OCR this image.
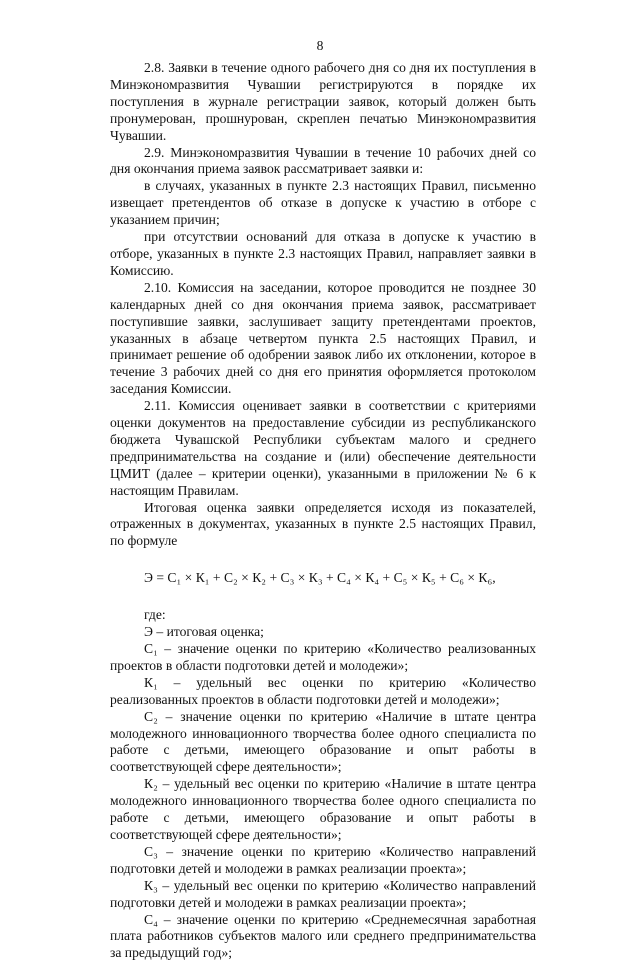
8

2.8. Заявки в течение одного рабочего дня со дня их поступления в Минэкономразвития Чувашии регистрируются в порядке их поступления в журнале регистрации заявок, который должен быть пронумерован, прошнурован, скреплен печатью Минэкономразвития Чувашии.

2.9. Минэкономразвития Чувашии в течение 10 рабочих дней со дня окончания приема заявок рассматривает заявки и:

в случаях, указанных в пункте 2.3 настоящих Правил, письменно извещает претендентов об отказе в допуске к участию в отборе с указанием причин;

при отсутствии оснований для отказа в допуске к участию в отборе, указанных в пункте 2.3 настоящих Правил, направляет заявки в Комиссию.

2.10. Комиссия на заседании, которое проводится не позднее 30 календарных дней со дня окончания приема заявок, рассматривает поступившие заявки, заслушивает защиту претендентами проектов, указанных в абзаце четвертом пункта 2.5 настоящих Правил, и принимает решение об одобрении заявок либо их отклонении, которое в течение 3 рабочих дней со дня его принятия оформляется протоколом заседания Комиссии.

2.11. Комиссия оценивает заявки в соответствии с критериями оценки документов на предоставление субсидии из республиканского бюджета Чувашской Республики субъектам малого и среднего предпринимательства на создание и (или) обеспечение деятельности ЦМИТ (далее – критерии оценки), указанными в приложении № 6 к настоящим Правилам.

Итоговая оценка заявки определяется исходя из показателей, отраженных в документах, указанных в пункте 2.5 настоящих Правил, по формуле

Э = С₁ × К₁ + С₂ × К₂ + С₃ × К₃ + С₄ × К₄ + С₅ × К₅ + С₆ × К₆,

где:

Э – итоговая оценка;

С₁ – значение оценки по критерию «Количество реализованных проектов в области подготовки детей и молодежи»;

К₁ – удельный вес оценки по критерию «Количество реализованных проектов в области подготовки детей и молодежи»;

С₂ – значение оценки по критерию «Наличие в штате центра молодежного инновационного творчества более одного специалиста по работе с детьми, имеющего образование и опыт работы в соответствующей сфере деятельности»;

К₂ – удельный вес оценки по критерию «Наличие в штате центра молодежного инновационного творчества более одного специалиста по работе с детьми, имеющего образование и опыт работы в соответствующей сфере деятельности»;

С₃ – значение оценки по критерию «Количество направлений подготовки детей и молодежи в рамках реализации проекта»;

К₃ – удельный вес оценки по критерию «Количество направлений подготовки детей и молодежи в рамках реализации проекта»;

С₄ – значение оценки по критерию «Среднемесячная заработная плата работников субъектов малого или среднего предпринимательства за предыдущий год»;
